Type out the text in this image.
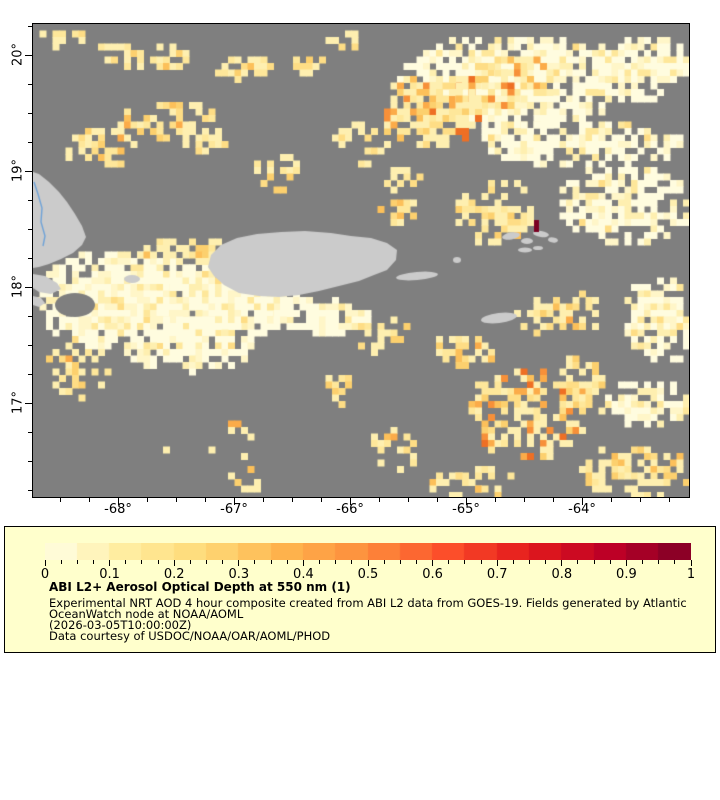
20°
19°
18°
17°
-68°	-67°	-66°	-65°	-64°
0	0.1	0.2	0.3	0.4	0.5	0.6	0.7	0.8	0.9	1
ABI L2+ Aerosol Optical Depth at 550 nm (1)
Experimental NRT AOD 4 hour composite created from ABI L2 data from GOES-19. Fields generated by Atlantic
OceanWatch node at NOAA/AOML
(2026-03-05T10:00:00Z)
Data courtesy of USDOC/NOAA/OAR/AOML/PHOD
